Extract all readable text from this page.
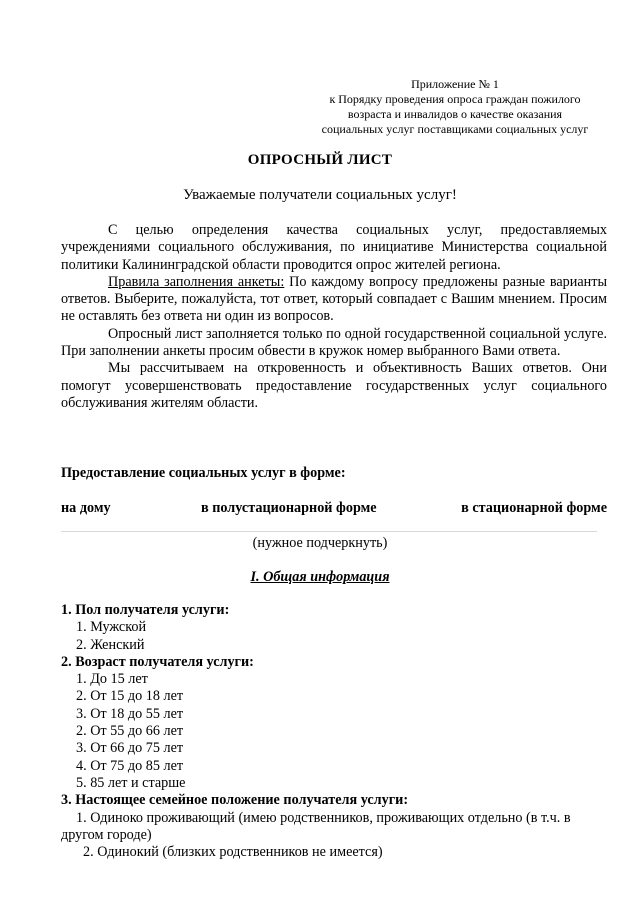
Приложение № 1
к Порядку проведения опроса граждан пожилого
возраста и инвалидов о качестве оказания
социальных услуг поставщиками социальных услуг
ОПРОСНЫЙ ЛИСТ
Уважаемые получатели социальных услуг!

С целью определения качества социальных услуг, предоставляемых учреждениями социального обслуживания, по инициативе Министерства социальной политики Калининградской области проводится опрос жителей региона.

Правила заполнения анкеты: По каждому вопросу предложены разные варианты ответов. Выберите, пожалуйста, тот ответ, который совпадает с Вашим мнением. Просим не оставлять без ответа ни один из вопросов.

Опросный лист заполняется только по одной государственной социальной услуге. При заполнении анкеты просим обвести в кружок номер выбранного Вами ответа.

Мы рассчитываем на откровенность и объективность Ваших ответов. Они помогут усовершенствовать предоставление государственных услуг социального обслуживания жителям области.

Предоставление социальных услуг в форме:
на дому	в полустационарной форме	в стационарной форме
(нужное подчеркнуть)
I. Общая информация
1. Пол получателя услуги:
1. Мужской
2. Женский
2. Возраст получателя услуги:
1. До 15 лет
2. От 15 до 18 лет
3. От 18 до 55 лет
2. От 55 до 66 лет
3. От 66 до 75 лет
4. От 75 до 85 лет
5. 85 лет и старше
3. Настоящее семейное положение получателя услуги:
1. Одиноко проживающий (имею родственников, проживающих отдельно (в т.ч. в другом городе)
2. Одинокий (близких родственников не имеется)
